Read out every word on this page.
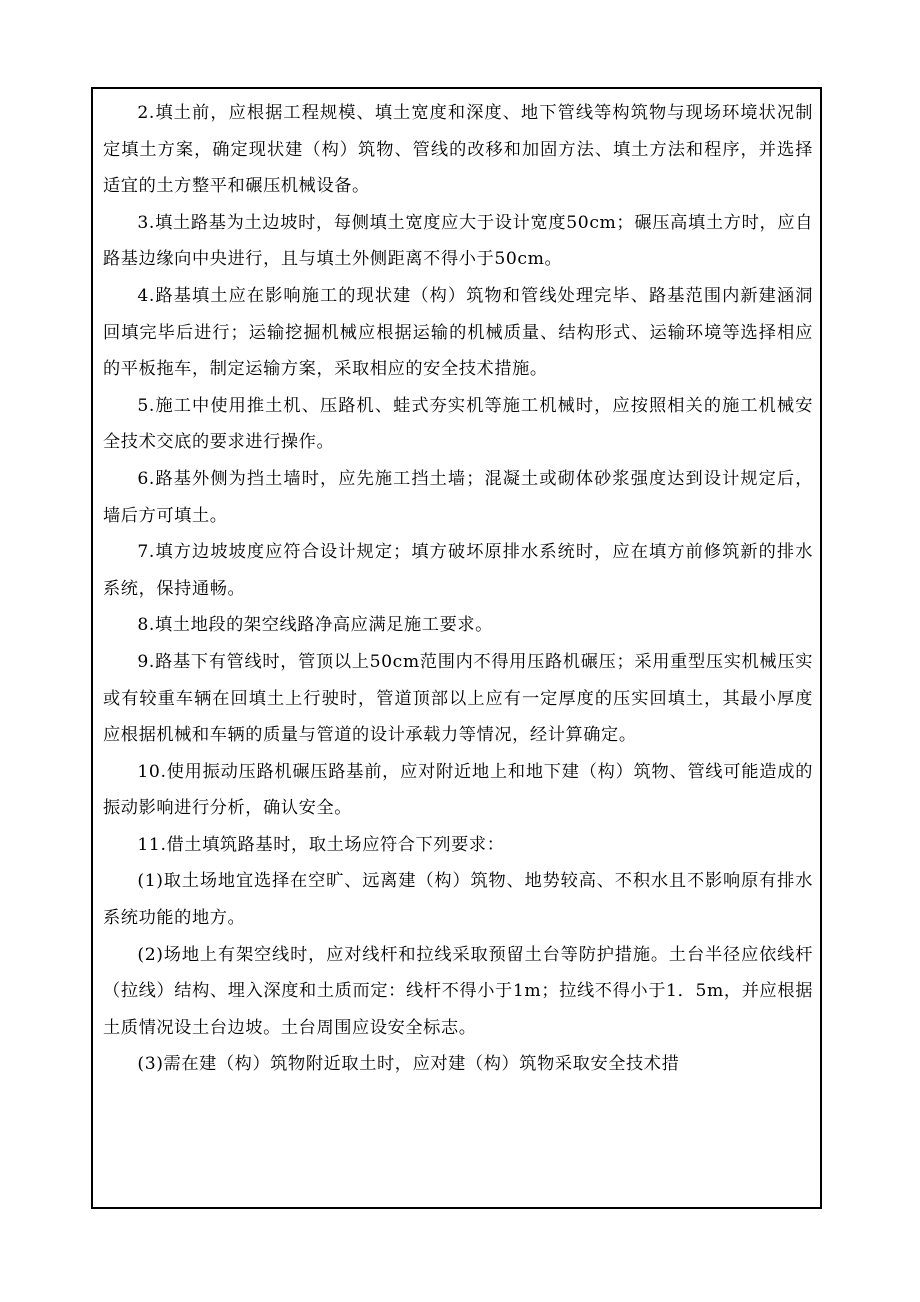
2.填土前，应根据工程规模、填土宽度和深度、地下管线等构筑物与现场环境状况制定填土方案，确定现状建（构）筑物、管线的改移和加固方法、填土方法和程序，并选择适宜的土方整平和碾压机械设备。

3.填土路基为土边坡时，每侧填土宽度应大于设计宽度50cm；碾压高填土方时，应自路基边缘向中央进行，且与填土外侧距离不得小于50cm。

4.路基填土应在影响施工的现状建（构）筑物和管线处理完毕、路基范围内新建涵洞回填完毕后进行；运输挖掘机械应根据运输的机械质量、结构形式、运输环境等选择相应的平板拖车，制定运输方案，采取相应的安全技术措施。

5.施工中使用推土机、压路机、蛙式夯实机等施工机械时，应按照相关的施工机械安全技术交底的要求进行操作。

6.路基外侧为挡土墙时，应先施工挡土墙；混凝土或砌体砂浆强度达到设计规定后，墙后方可填土。

7.填方边坡坡度应符合设计规定；填方破坏原排水系统时，应在填方前修筑新的排水系统，保持通畅。

8.填土地段的架空线路净高应满足施工要求。

9.路基下有管线时，管顶以上50cm范围内不得用压路机碾压；采用重型压实机械压实或有较重车辆在回填土上行驶时，管道顶部以上应有一定厚度的压实回填土，其最小厚度应根据机械和车辆的质量与管道的设计承载力等情况，经计算确定。

10.使用振动压路机碾压路基前，应对附近地上和地下建（构）筑物、管线可能造成的振动影响进行分析，确认安全。

11.借土填筑路基时，取土场应符合下列要求：

(1)取土场地宜选择在空旷、远离建（构）筑物、地势较高、不积水且不影响原有排水系统功能的地方。

(2)场地上有架空线时，应对线杆和拉线采取预留土台等防护措施。土台半径应依线杆（拉线）结构、埋入深度和土质而定：线杆不得小于1m；拉线不得小于1．5m，并应根据土质情况设土台边坡。土台周围应设安全标志。

(3)需在建（构）筑物附近取土时，应对建（构）筑物采取安全技术措
